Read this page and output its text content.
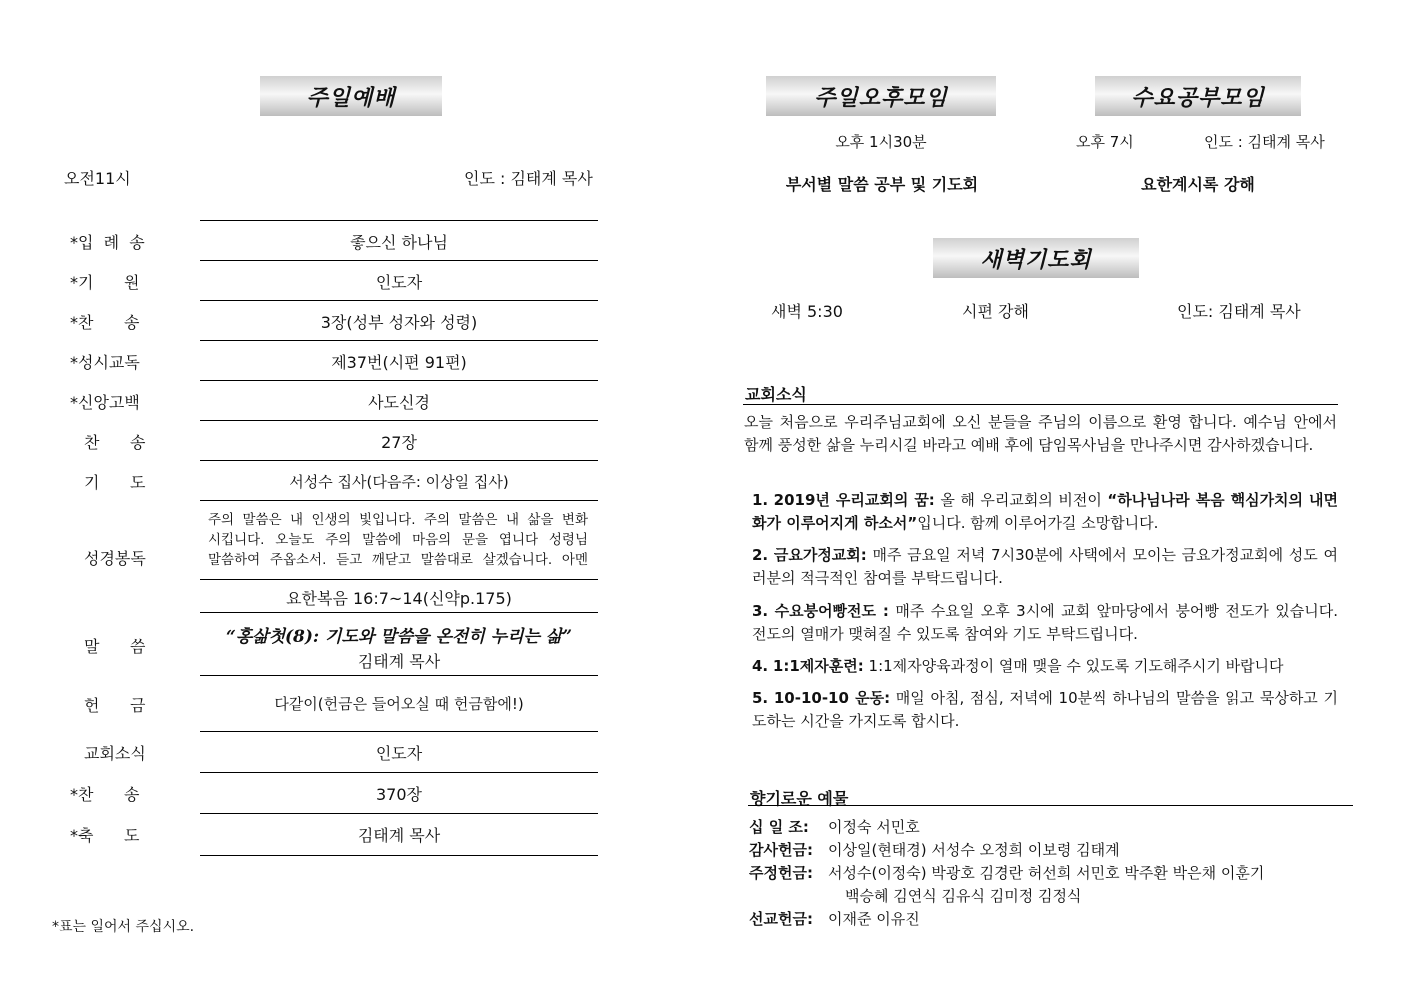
주일예배
오전11시	인도 : 김태계 목사
*입  례  송	좋으신 하나님
*기      원	인도자
*찬      송	3장(성부 성자와 성령)
*성시교독	제37번(시편 91편)
*신앙고백	사도신경
찬      송	27장
기      도	서성수 집사(다음주: 이상일 집사)
성경봉독
주의 말씀은 내 인생의 빛입니다. 주의 말씀은 내 삶을 변화
시킵니다. 오늘도 주의 말씀에 마음의 문을 엽니다 성령님
말씀하여 주옵소서. 듣고 깨닫고 말씀대로 살겠습니다. 아멘
요한복음 16:7~14(신약p.175)
말      씀	“홍삶첫(8): 기도와 말씀을 온전히 누리는 삶”
김태계 목사
헌      금	다같이(헌금은 들어오실 때 헌금함에!)
교회소식	인도자
*찬      송	370장
*축      도	김태계 목사
*표는 일어서 주십시오.
주일오후모임	수요공부모임
오후 1시30분	오후 7시	인도 : 김태계 목사
부서별 말씀 공부 및 기도회	요한계시록 강해
새벽기도회
새벽 5:30	시편 강해	인도: 김태계 목사
교회소식
오늘 처음으로 우리주님교회에 오신 분들을 주님의 이름으로 환영 합니다. 예수님 안에서 함께 풍성한 삶을 누리시길 바라고 예배 후에 담임목사님을 만나주시면 감사하겠습니다.
1. 2019년 우리교회의 꿈: 올 해 우리교회의 비전이 “하나님나라 복음 핵심가치의 내면화가 이루어지게 하소서”입니다. 함께 이루어가길 소망합니다.
2. 금요가정교회: 매주 금요일 저녁 7시30분에 사택에서 모이는 금요가정교회에 성도 여러분의 적극적인 참여를 부탁드립니다.
3. 수요붕어빵전도 : 매주 수요일 오후 3시에 교회 앞마당에서 붕어빵 전도가 있습니다. 전도의 열매가 맺혀질 수 있도록 참여와 기도 부탁드립니다.
4. 1:1제자훈련: 1:1제자양육과정이 열매 맺을 수 있도록 기도해주시기 바랍니다
5. 10-10-10 운동: 매일 아침, 점심, 저녁에 10분씩 하나님의 말씀을 읽고 묵상하고 기도하는 시간을 가지도록 합시다.
향기로운 예물
십 일 조: 이정숙 서민호
감사헌금: 이상일(현태경) 서성수 오정희 이보령 김태계
주정헌금: 서성수(이정숙) 박광호 김경란 허선희 서민호 박주환 박은채 이훈기
백승혜 김연식 김유식 김미정 김정식
선교헌금: 이재준 이유진
